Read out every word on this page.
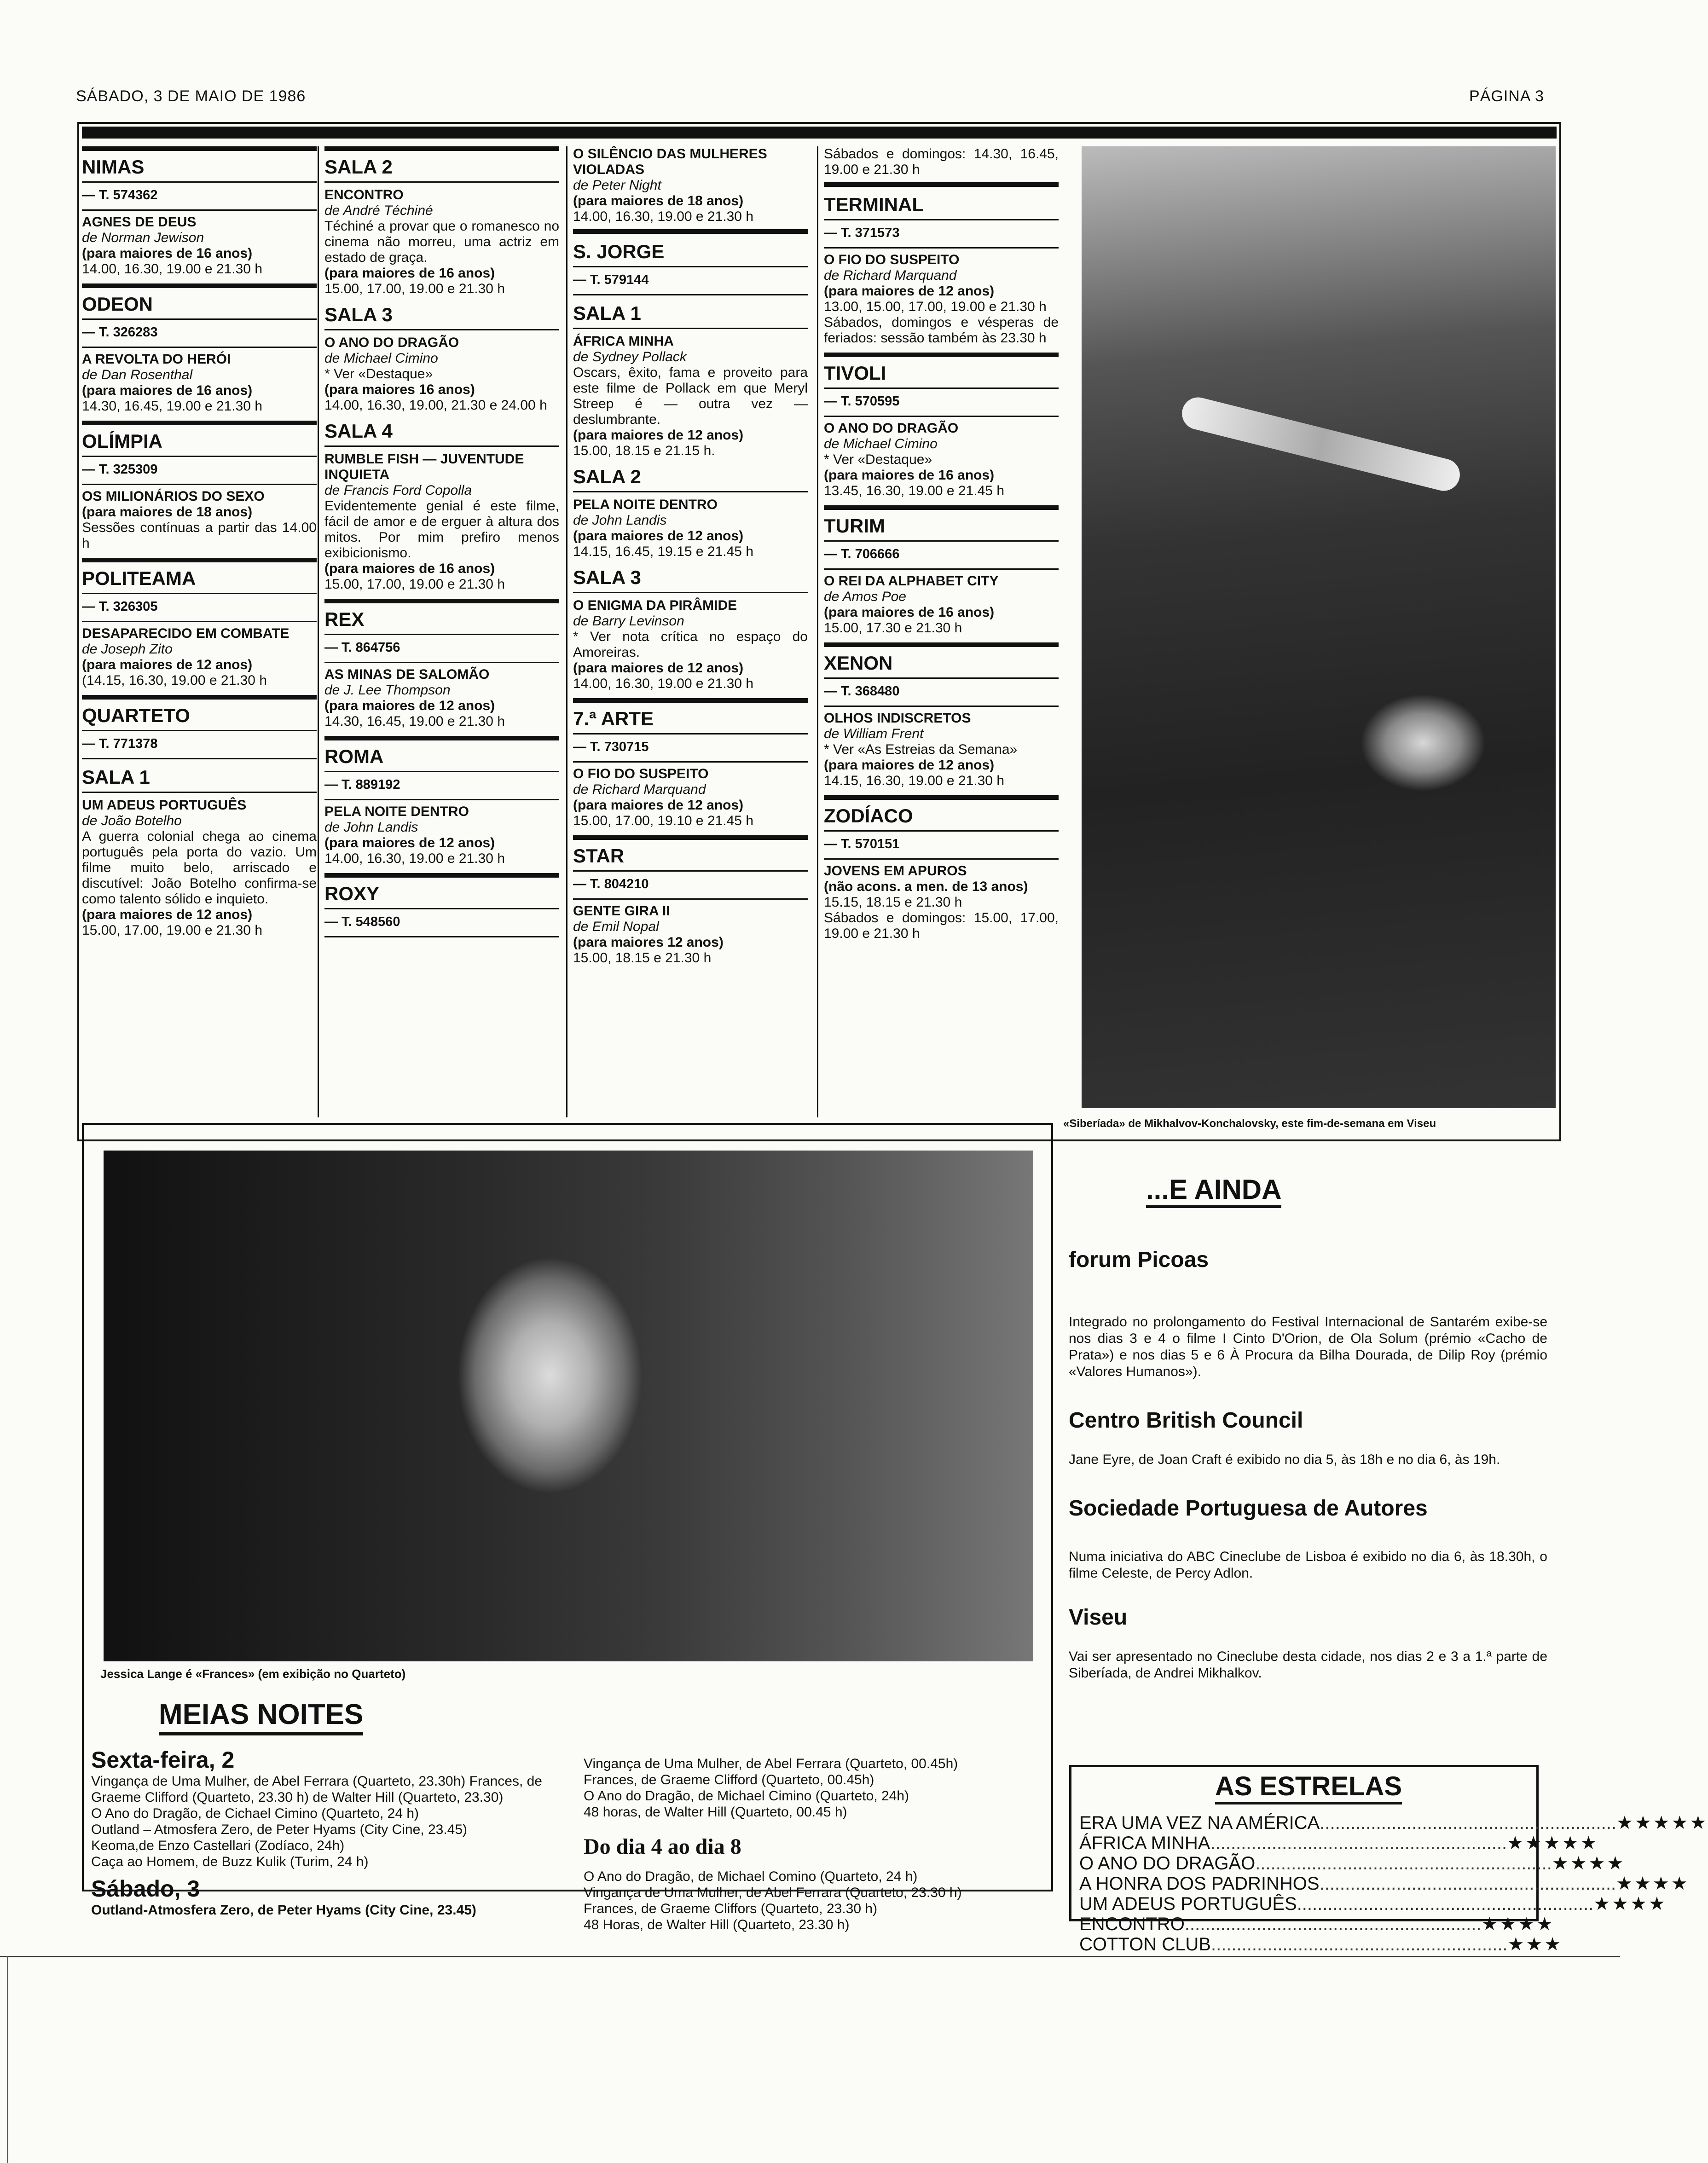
SÁBADO, 3 DE MAIO DE 1986	Cartaz	PÁGINA 3
NIMAS
— T. 574362
AGNES DE DEUS
de Norman Jewison
(para maiores de 16 anos)
14.00, 16.30, 19.00 e 21.30 h
ODEON
— T. 326283
A REVOLTA DO HERÓI
de Dan Rosenthal
(para maiores de 16 anos)
14.30, 16.45, 19.00 e 21.30 h
OLÍMPIA
— T. 325309
OS MILIONÁRIOS DO SEXO
(para maiores de 18 anos)
Sessões contínuas a partir das 14.00 h
POLITEAMA
— T. 326305
DESAPARECIDO EM COMBATE
de Joseph Zito
(para maiores de 12 anos)
(14.15, 16.30, 19.00 e 21.30 h
QUARTETO
— T. 771378
SALA 1
UM ADEUS PORTUGUÊS
de João Botelho
A guerra colonial chega ao cinema português pela porta do vazio. Um filme muito belo, arriscado e discutível: João Botelho confirma-se como talento sólido e inquieto.
(para maiores de 12 anos)
15.00, 17.00, 19.00 e 21.30 h
SALA 2
ENCONTRO
de André Téchiné
Téchiné a provar que o romanesco no cinema não morreu, uma actriz em estado de graça.
(para maiores de 16 anos)
15.00, 17.00, 19.00 e 21.30 h
SALA 3
O ANO DO DRAGÃO
de Michael Cimino
* Ver «Destaque»
(para maiores 16 anos)
14.00, 16.30, 19.00, 21.30 e 24.00 h
SALA 4
RUMBLE FISH — JUVENTUDE INQUIETA
de Francis Ford Copolla
Evidentemente genial é este filme, fácil de amor e de erguer à altura dos mitos. Por mim prefiro menos exibicionismo.
(para maiores de 16 anos)
15.00, 17.00, 19.00 e 21.30 h
REX
— T. 864756
AS MINAS DE SALOMÃO
de J. Lee Thompson
(para maiores de 12 anos)
14.30, 16.45, 19.00 e 21.30 h
ROMA
— T. 889192
PELA NOITE DENTRO
de John Landis
(para maiores de 12 anos)
14.00, 16.30, 19.00 e 21.30 h
ROXY
— T. 548560
O SILÊNCIO DAS MULHERES VIOLADAS
de Peter Night
(para maiores de 18 anos)
14.00, 16.30, 19.00 e 21.30 h
S. JORGE
— T. 579144
SALA 1
ÁFRICA MINHA
de Sydney Pollack
Oscars, êxito, fama e proveito para este filme de Pollack em que Meryl Streep é — outra vez — deslumbrante.
(para maiores de 12 anos)
15.00, 18.15 e 21.15 h.
SALA 2
PELA NOITE DENTRO
de John Landis
(para maiores de 12 anos)
14.15, 16.45, 19.15 e 21.45 h
SALA 3
O ENIGMA DA PIRÂMIDE
de Barry Levinson
* Ver nota crítica no espaço do Amoreiras.
(para maiores de 12 anos)
14.00, 16.30, 19.00 e 21.30 h
7.ª ARTE
— T. 730715
O FIO DO SUSPEITO
de Richard Marquand
(para maiores de 12 anos)
15.00, 17.00, 19.10 e 21.45 h
STAR
— T. 804210
GENTE GIRA II
de Emil Nopal
(para maiores 12 anos)
15.00, 18.15 e 21.30 h
Sábados e domingos: 14.30, 16.45, 19.00 e 21.30 h
TERMINAL
— T. 371573
O FIO DO SUSPEITO
de Richard Marquand
(para maiores de 12 anos)
13.00, 15.00, 17.00, 19.00 e 21.30 h
Sábados, domingos e vésperas de feriados: sessão também às 23.30 h
TIVOLI
— T. 570595
O ANO DO DRAGÃO
de Michael Cimino
* Ver «Destaque»
(para maiores de 16 anos)
13.45, 16.30, 19.00 e 21.45 h
TURIM
— T. 706666
O REI DA ALPHABET CITY
de Amos Poe
(para maiores de 16 anos)
15.00, 17.30 e 21.30 h
XENON
— T. 368480
OLHOS INDISCRETOS
de William Frent
* Ver «As Estreias da Semana»
(para maiores de 12 anos)
14.15, 16.30, 19.00 e 21.30 h
ZODÍACO
— T. 570151
JOVENS EM APUROS
(não acons. a men. de 13 anos)
15.15, 18.15 e 21.30 h
Sábados e domingos: 15.00, 17.00, 19.00 e 21.30 h
«Siberíada» de Mikhalvov-Konchalovsky, este fim-de-semana em Viseu
Jessica Lange é «Frances» (em exibição no Quarteto)
MEIAS NOITES
Sexta-feira, 2
Vingança de Uma Mulher, de Abel Ferrara (Quarteto, 23.30h) Frances, de Graeme Clifford (Quarteto, 23.30 h) de Walter Hill (Quarteto, 23.30)
O Ano do Dragão, de Cichael Cimino (Quarteto, 24 h)
Outland – Atmosfera Zero, de Peter Hyams (City Cine, 23.45)
Keoma,de Enzo Castellari (Zodíaco, 24h)
Caça ao Homem, de Buzz Kulik (Turim, 24 h)
Sábado, 3
Outland-Atmosfera Zero, de Peter Hyams (City Cine, 23.45)
Vingança de Uma Mulher, de Abel Ferrara (Quarteto, 00.45h)
Frances, de Graeme Clifford (Quarteto, 00.45h)
O Ano do Dragão, de Michael Cimino (Quarteto, 24h)
48 horas, de Walter Hill (Quarteto, 00.45 h)
Do dia 4 ao dia 8
O Ano do Dragão, de Michael Comino (Quarteto, 24 h)
Vingança de Uma Mulher, de Abel Ferrara (Quarteto, 23.30 h)
Frances, de Graeme Cliffors (Quarteto, 23.30 h)
48 Horas, de Walter Hill (Quarteto, 23.30 h)
...E AINDA
forum Picoas
Integrado no prolongamento do Festival Internacional de Santarém exibe-se nos dias 3 e 4 o filme I Cinto D'Orion, de Ola Solum (prémio «Cacho de Prata») e nos dias 5 e 6 À Procura da Bilha Dourada, de Dilip Roy (prémio «Valores Humanos»).
Centro British Council
Jane Eyre, de Joan Craft é exibido no dia 5, às 18h e no dia 6, às 19h.
Sociedade Portuguesa de Autores
Numa iniciativa do ABC Cineclube de Lisboa é exibido no dia 6, às 18.30h, o filme Celeste, de Percy Adlon.
Viseu
Vai ser apresentado no Cineclube desta cidade, nos dias 2 e 3 a 1.ª parte de Siberíada, de Andrei Mikhalkov.
AS ESTRELAS
ERA UMA VEZ NA AMÉRICA .......................................................... ★★★★★
ÁFRICA MINHA .......................................................... ★★★★★
O ANO DO DRAGÃO .......................................................... ★★★★
A HONRA DOS PADRINHOS .......................................................... ★★★★
UM ADEUS PORTUGUÊS .......................................................... ★★★★
ENCONTRO .......................................................... ★★★★
COTTON CLUB .......................................................... ★★★
